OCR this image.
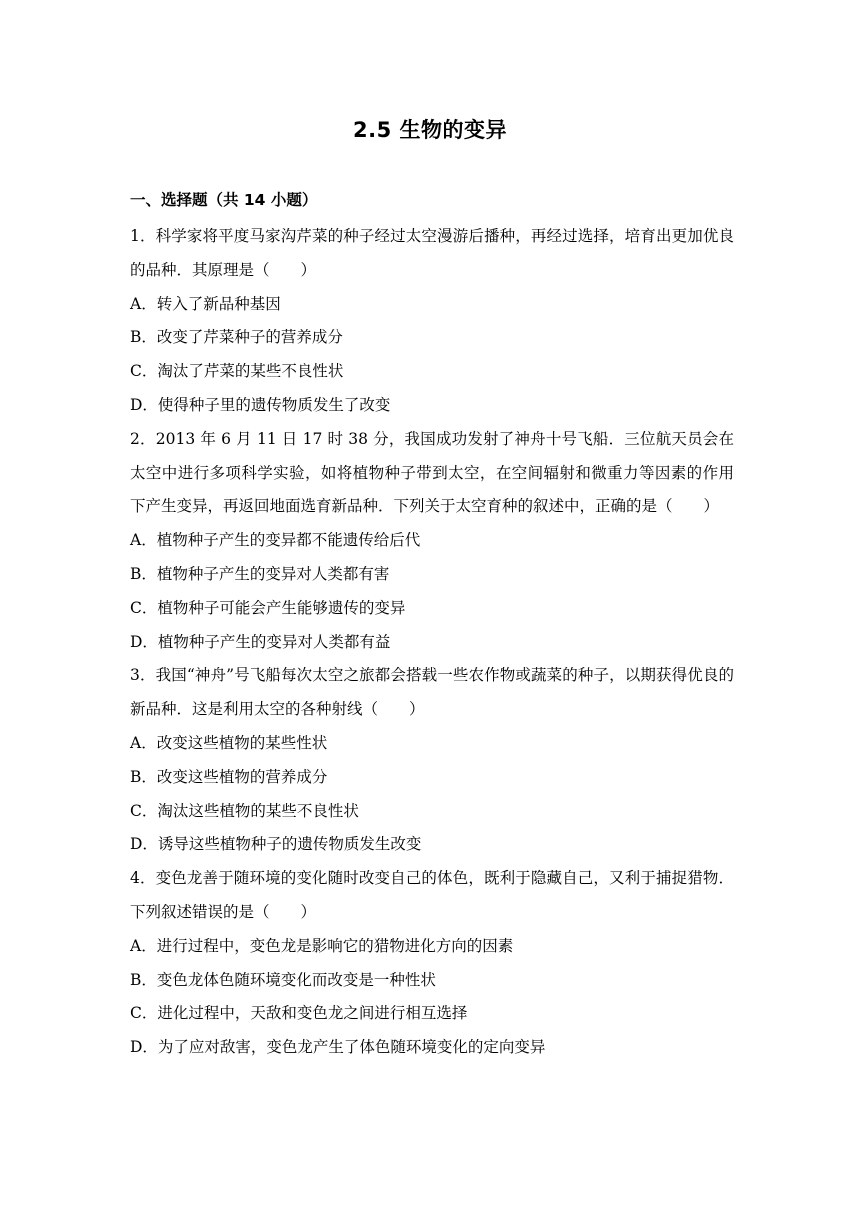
2.5 生物的变异
一、选择题（共 14 小题）
1．科学家将平度马家沟芹菜的种子经过太空漫游后播种，再经过选择，培育出更加优良的品种．其原理是（　　）
A．转入了新品种基因
B．改变了芹菜种子的营养成分
C．淘汰了芹菜的某些不良性状
D．使得种子里的遗传物质发生了改变
2．2013 年 6 月 11 日 17 时 38 分，我国成功发射了神舟十号飞船．三位航天员会在太空中进行多项科学实验，如将植物种子带到太空，在空间辐射和微重力等因素的作用下产生变异，再返回地面选育新品种．下列关于太空育种的叙述中，正确的是（　　）
A．植物种子产生的变异都不能遗传给后代
B．植物种子产生的变异对人类都有害
C．植物种子可能会产生能够遗传的变异
D．植物种子产生的变异对人类都有益
3．我国“神舟”号飞船每次太空之旅都会搭载一些农作物或蔬菜的种子，以期获得优良的新品种．这是利用太空的各种射线（　　）
A．改变这些植物的某些性状
B．改变这些植物的营养成分
C．淘汰这些植物的某些不良性状
D．诱导这些植物种子的遗传物质发生改变
4．变色龙善于随环境的变化随时改变自己的体色，既利于隐藏自己，又利于捕捉猎物．下列叙述错误的是（　　）
A．进行过程中，变色龙是影响它的猎物进化方向的因素
B．变色龙体色随环境变化而改变是一种性状
C．进化过程中，天敌和变色龙之间进行相互选择
D．为了应对敌害，变色龙产生了体色随环境变化的定向变异
